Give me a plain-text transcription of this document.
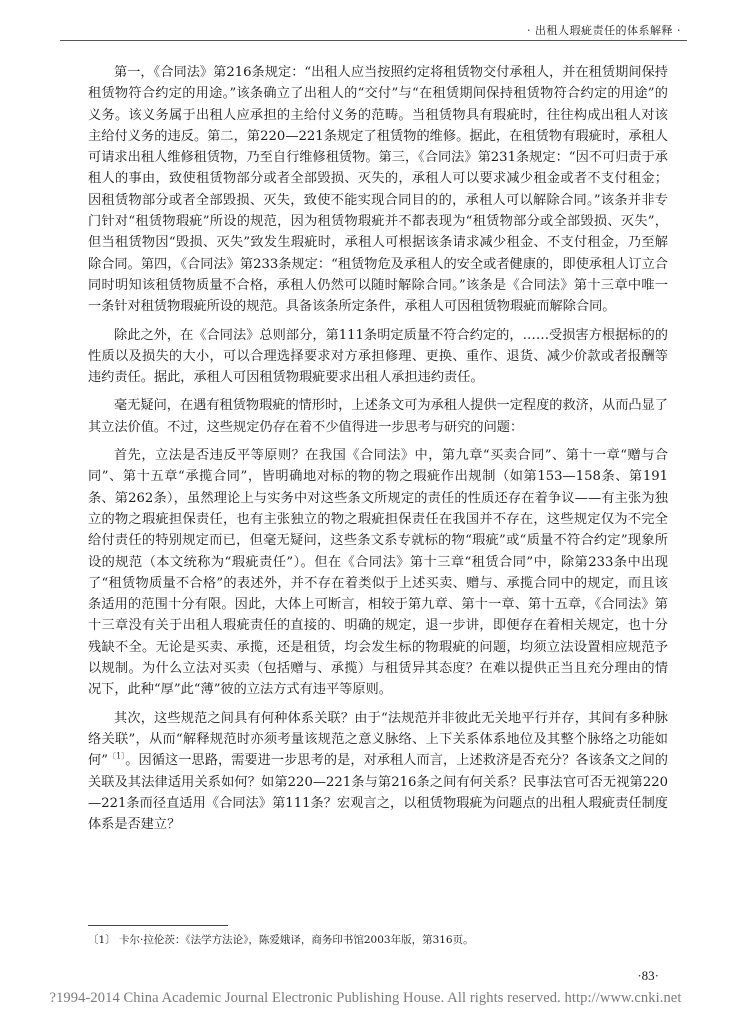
· 出租人瑕疵责任的体系解释 ·

第一，《合同法》第216条规定：“出租人应当按照约定将租赁物交付承租人，并在租赁期间保持租赁物符合约定的用途。”该条确立了出租人的“交付”与“在租赁期间保持租赁物符合约定的用途”的义务。该义务属于出租人应承担的主给付义务的范畴。当租赁物具有瑕疵时，往往构成出租人对该主给付义务的违反。第二，第220—221条规定了租赁物的维修。据此，在租赁物有瑕疵时，承租人可请求出租人维修租赁物，乃至自行维修租赁物。第三，《合同法》第231条规定：“因不可归责于承租人的事由，致使租赁物部分或者全部毁损、灭失的，承租人可以要求减少租金或者不支付租金；因租赁物部分或者全部毁损、灭失，致使不能实现合同目的的，承租人可以解除合同。”该条并非专门针对“租赁物瑕疵”所设的规范，因为租赁物瑕疵并不都表现为“租赁物部分或全部毁损、灭失”，但当租赁物因“毁损、灭失”致发生瑕疵时，承租人可根据该条请求减少租金、不支付租金，乃至解除合同。第四，《合同法》第233条规定：“租赁物危及承租人的安全或者健康的，即使承租人订立合同时明知该租赁物质量不合格，承租人仍然可以随时解除合同。”该条是《合同法》第十三章中唯一一条针对租赁物瑕疵所设的规范。具备该条所定条件，承租人可因租赁物瑕疵而解除合同。

除此之外，在《合同法》总则部分，第111条明定质量不符合约定的，……受损害方根据标的的性质以及损失的大小，可以合理选择要求对方承担修理、更换、重作、退货、减少价款或者报酬等违约责任。据此，承租人可因租赁物瑕疵要求出租人承担违约责任。

毫无疑问，在遇有租赁物瑕疵的情形时，上述条文可为承租人提供一定程度的救济，从而凸显了其立法价值。不过，这些规定仍存在着不少值得进一步思考与研究的问题：

首先，立法是否违反平等原则？在我国《合同法》中，第九章“买卖合同”、第十一章“赠与合同”、第十五章“承揽合同”，皆明确地对标的物的物之瑕疵作出规制（如第153—158条、第191条、第262条），虽然理论上与实务中对这些条文所规定的责任的性质还存在着争议——有主张为独立的物之瑕疵担保责任，也有主张独立的物之瑕疵担保责任在我国并不存在，这些规定仅为不完全给付责任的特别规定而已，但毫无疑问，这些条文系专就标的物“瑕疵”或“质量不符合约定”现象所设的规范（本文统称为“瑕疵责任”）。但在《合同法》第十三章“租赁合同”中，除第233条中出现了“租赁物质量不合格”的表述外，并不存在着类似于上述买卖、赠与、承揽合同中的规定，而且该条适用的范围十分有限。因此，大体上可断言，相较于第九章、第十一章、第十五章，《合同法》第十三章没有关于出租人瑕疵责任的直接的、明确的规定，退一步讲，即便存在着相关规定，也十分残缺不全。无论是买卖、承揽，还是租赁，均会发生标的物瑕疵的问题，均须立法设置相应规范予以规制。为什么立法对买卖（包括赠与、承揽）与租赁异其态度？在难以提供正当且充分理由的情况下，此种“厚”此“薄”彼的立法方式有违平等原则。

其次，这些规范之间具有何种体系关联？由于“法规范并非彼此无关地平行并存，其间有多种脉络关联”，从而“解释规范时亦须考量该规范之意义脉络、上下关系体系地位及其整个脉络之功能如何”$^{〔1〕}$。因循这一思路，需要进一步思考的是，对承租人而言，上述救济是否充分？各该条文之间的关联及其法律适用关系如何？如第220—221条与第216条之间有何关系？民事法官可否无视第220—221条而径直适用《合同法》第111条？宏观言之，以租赁物瑕疵为问题点的出租人瑕疵责任制度体系是否建立？

〔1〕 卡尔·拉伦茨：《法学方法论》，陈爱娥译，商务印书馆2003年版，第316页。
·83·
?1994-2014 China Academic Journal Electronic Publishing House. All rights reserved. http://www.cnki.net
